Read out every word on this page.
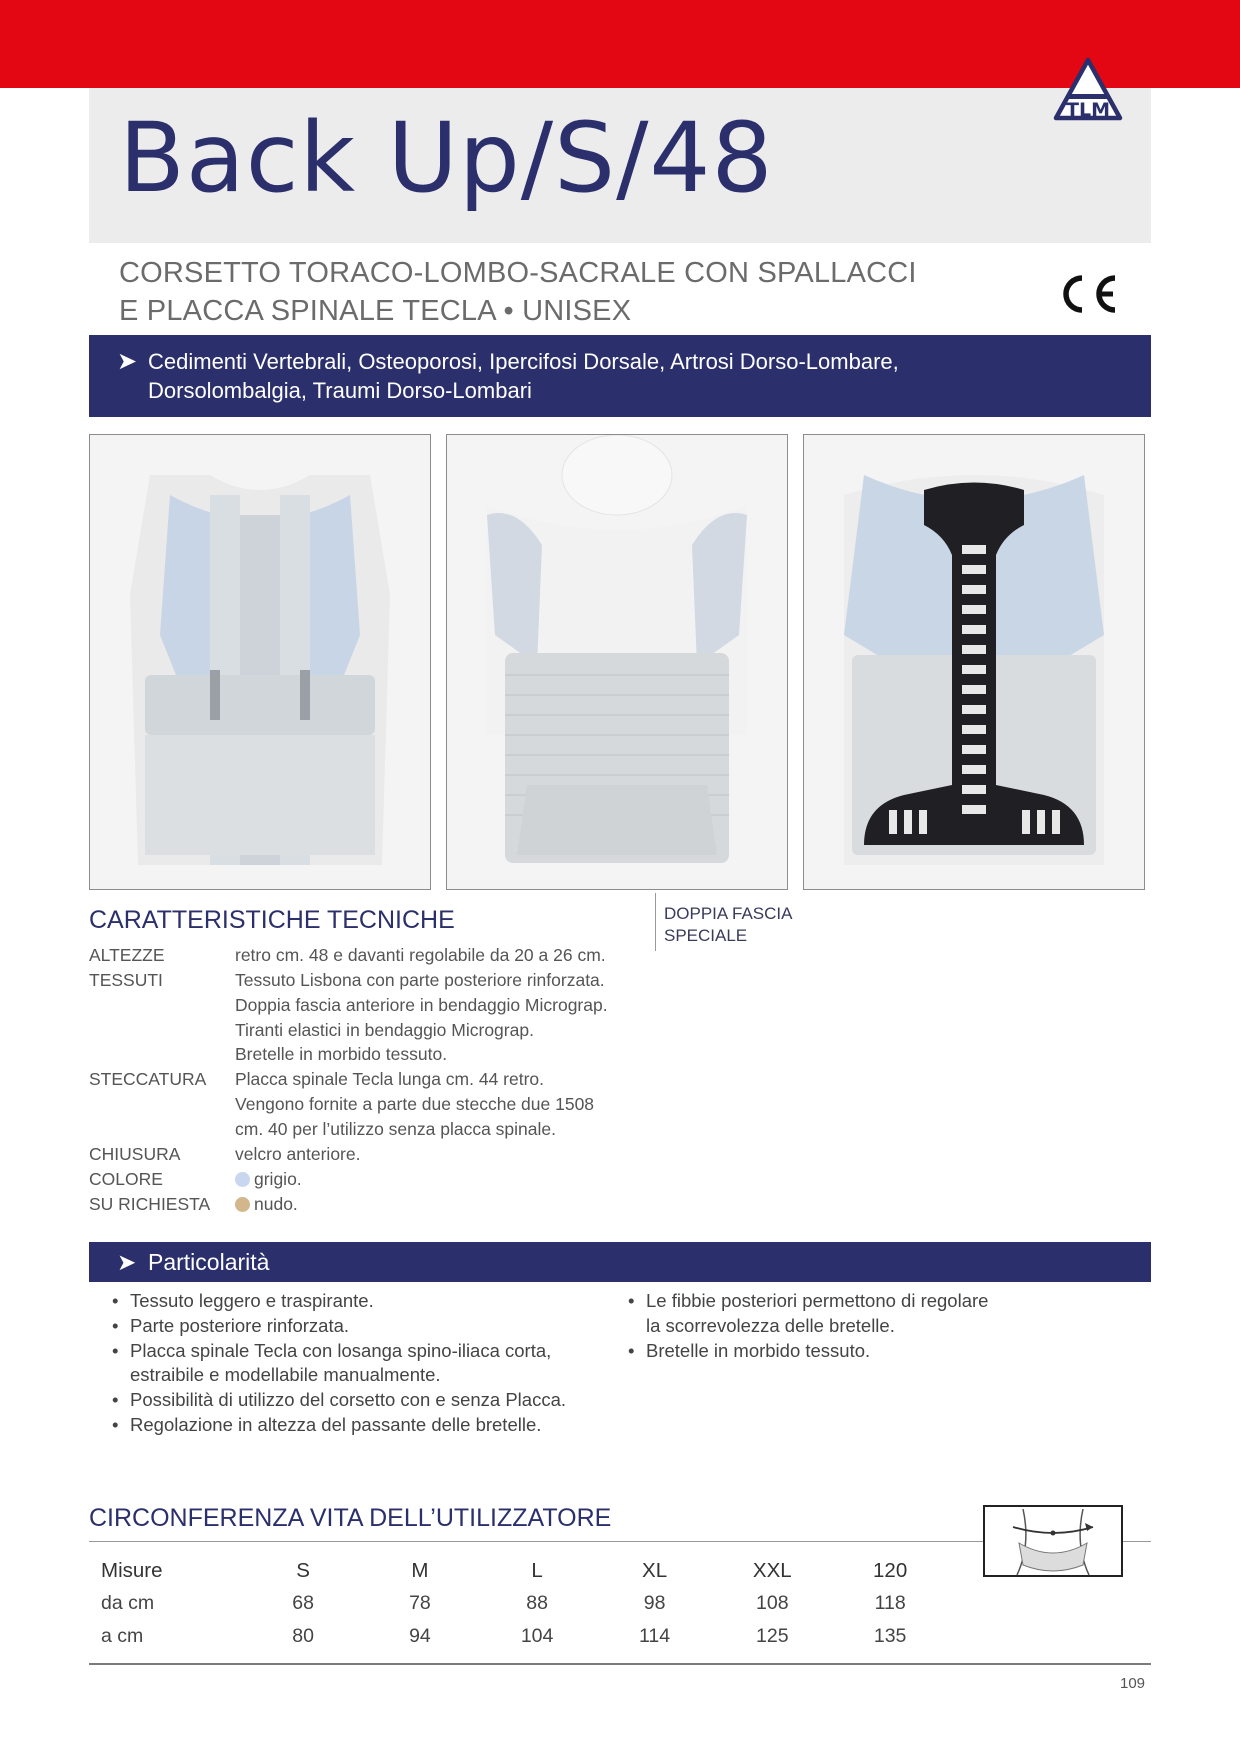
Back Up/S/48	TLM
CORSETTO TORACO-LOMBO-SACRALE CON SPALLACCI
E PLACCA SPINALE TECLA • UNISEX
➤ Cedimenti Vertebrali, Osteoporosi, Ipercifosi Dorsale, Artrosi Dorso-Lombare,
Dorsolombalgia, Traumi Dorso-Lombari
DOPPIA FASCIA
SPECIALE
CARATTERISTICHE TECNICHE
ALTEZZE	retro cm. 48 e davanti regolabile da 20 a 26 cm.
TESSUTI	Tessuto Lisbona con parte posteriore rinforzata.
Doppia fascia anteriore in bendaggio Micrograp.
Tiranti elastici in bendaggio Micrograp.
Bretelle in morbido tessuto.
STECCATURA	Placca spinale Tecla lunga cm. 44 retro.
Vengono fornite a parte due stecche due 1508
cm. 40 per l’utilizzo senza placca spinale.
CHIUSURA	velcro anteriore.
COLORE	grigio.
SU RICHIESTA	nudo.
➤ Particolarità
• Tessuto leggero e traspirante.
• Parte posteriore rinforzata.
• Placca spinale Tecla con losanga spino-iliaca corta,
estraibile e modellabile manualmente.
• Possibilità di utilizzo del corsetto con e senza Placca.
• Regolazione in altezza del passante delle bretelle.
• Le fibbie posteriori permettono di regolare
la scorrevolezza delle bretelle.
• Bretelle in morbido tessuto.
CIRCONFERENZA VITA DELL’UTILIZZATORE
Misure	S	M	L	XL	XXL	120
da cm	68	78	88	98	108	118
a cm	80	94	104	114	125	135
109
